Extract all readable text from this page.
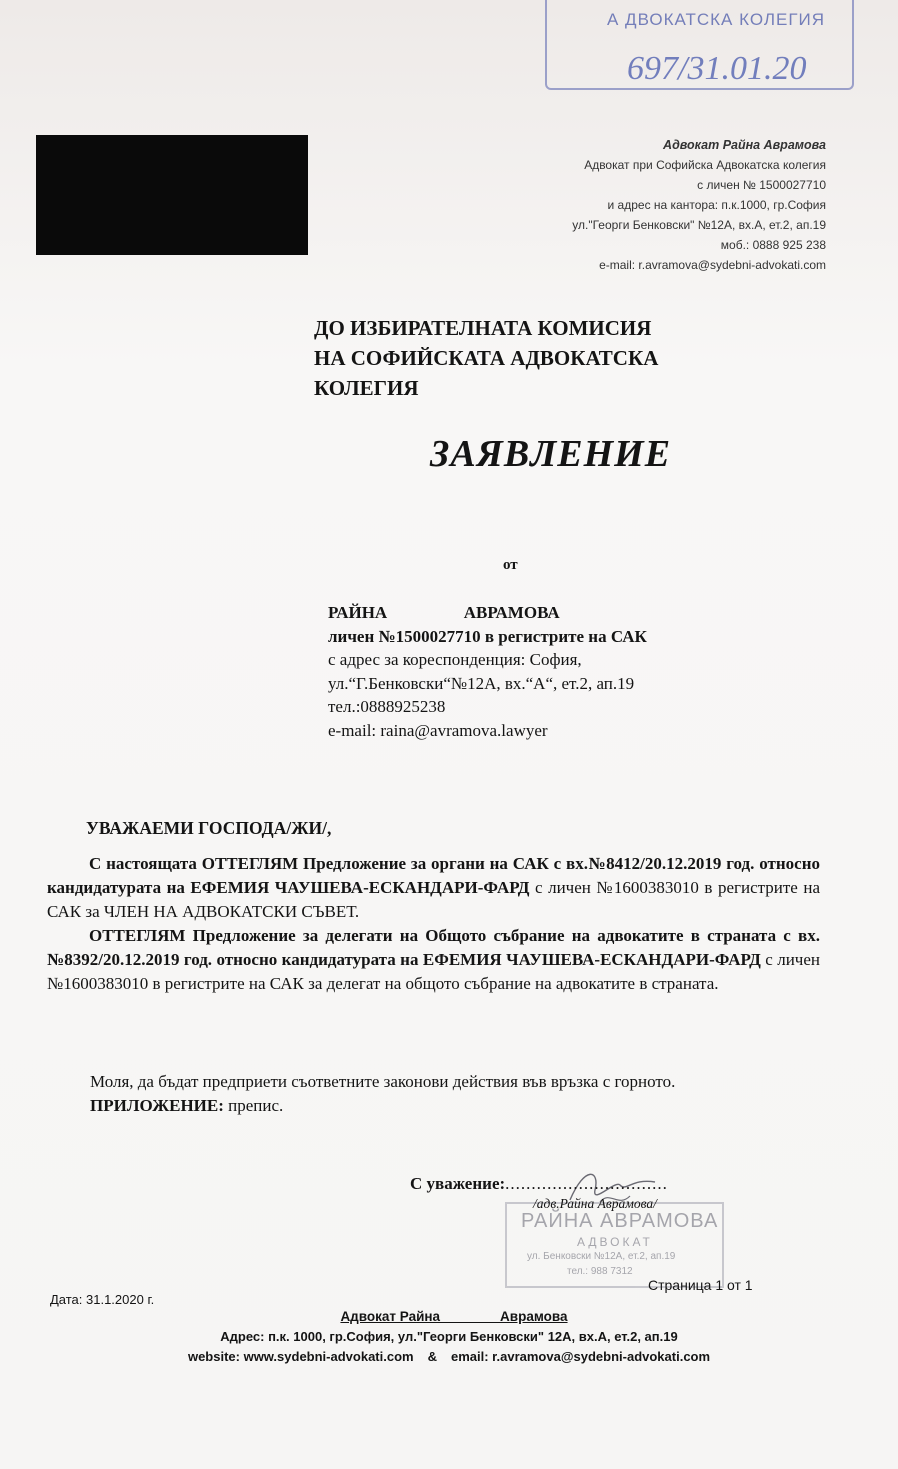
А ДВОКАТСКА КОЛЕГИЯ
697/31.01.20
Адвокат Райна Аврамова
Адвокат при Софийска Адвокатска колегия
с личен № 1500027710
и адрес на кантора: п.к.1000, гр.София
ул."Георги Бенковски" №12А, вх.А, ет.2, ап.19
моб.: 0888 925 238
e-mail: r.avramova@sydebni-advokati.com
ДО ИЗБИРАТЕЛНАТА КОМИСИЯ
НА СОФИЙСКАТА АДВОКАТСКА
КОЛЕГИЯ
ЗАЯВЛЕНИЕ
от
РАЙНА                  АВРАМОВА
личен №1500027710 в регистрите на САК
с адрес за кореспонденция: София,
ул.“Г.Бенковски“№12А, вх.“А“, ет.2, ап.19
тел.:0888925238
e-mail: raina@avramova.lawyer
УВАЖАЕМИ ГОСПОДА/ЖИ/,

С настоящата ОТТЕГЛЯМ Предложение за органи на САК с вх.№8412/20.12.2019 год. относно кандидатурата на ЕФЕМИЯ ЧАУШЕВА-ЕСКАНДАРИ-ФАРД с личен №1600383010 в регистрите на САК за ЧЛЕН НА АДВОКАТСКИ СЪВЕТ.

ОТТЕГЛЯМ Предложение за делегати на Общото събрание на адвокатите в страната с вх.№8392/20.12.2019 год. относно кандидатурата на ЕФЕМИЯ ЧАУШЕВА-ЕСКАНДАРИ-ФАРД с личен №1600383010 в регистрите на САК за делегат на общото събрание на адвокатите в страната.

Моля, да бъдат предприети съответните законови действия във връзка с горното.
ПРИЛОЖЕНИЕ: препис.
РАЙНА АВРАМОВА
АДВОКАТ
ул. Бенковски №12А, ет.2, ап.19
тел.: 988 7312
С уважение:...............................
/адв.Райна Аврамова/
Страница 1 от 1
Дата: 31.1.2020 г.
Адвокат Райна                Аврамова
Адрес: п.к. 1000, гр.София, ул."Георги Бенковски" 12А, вх.А, ет.2, ап.19
website: www.sydebni-advokati.com & email: r.avramova@sydebni-advokati.com
